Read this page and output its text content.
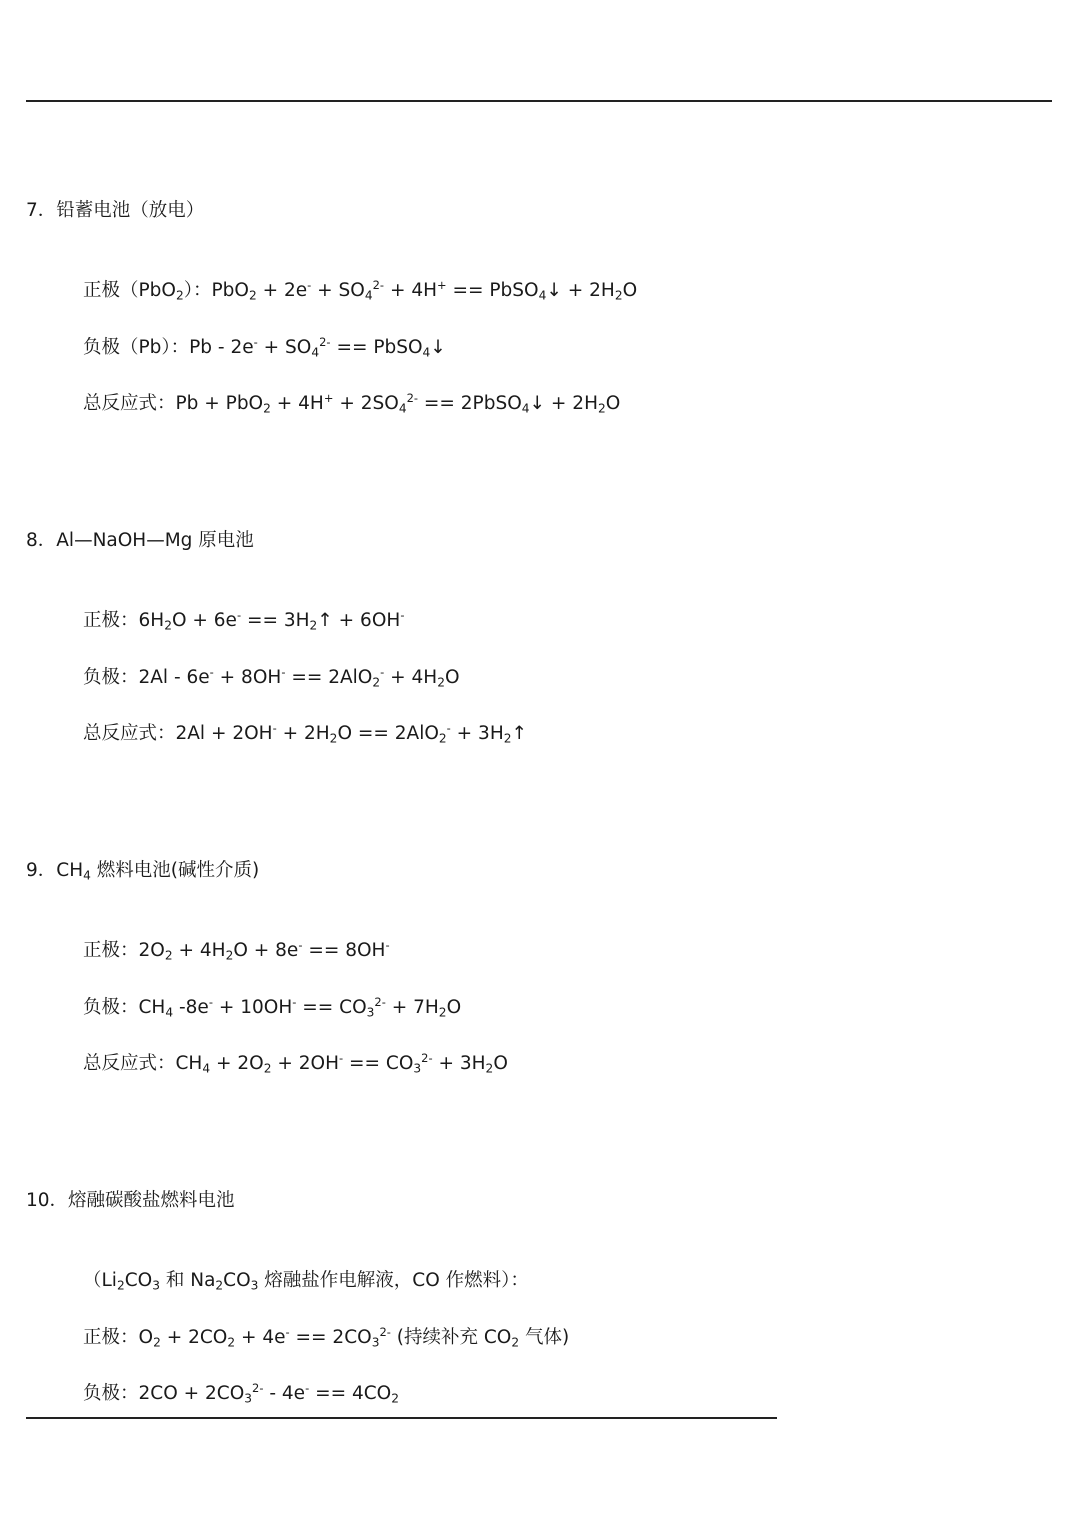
7．铅蓄电池（放电）
正极（PbO$_2$）：$PbO_2 + 2e^- + SO_4^{2-} + 4H^+$ == PbSO$_4$↓ + $2H_2O$
负极（Pb）：$Pb - 2e^- + SO_4^{2-}$ == PbSO$_4$↓
总反应式：$Pb + PbO_2 + 4H^+ + 2SO_4^{2-}$ == 2PbSO$_4$↓ + $2H_2O$
8．Al—NaOH—Mg 原电池
正极：$6H_2O + 6e^-$ == $3H_2↑ + 6OH^-$
负极：$2Al - 6e^- + 8OH^- == 2AlO_2^- + 4H_2O$
总反应式：$2Al + 2OH^- + 2H_2O == 2AlO_2^-$ + $3H_2↑$
9．$CH_4$ 燃料电池(碱性介质)
正极：$2O_2 + 4H_2O + 8e^- == 8OH^-$
负极：$CH_4$ $-8e^- + 10OH^- == CO_3^{2-} + 7H_2O$
总反应式：$CH_4 + 2O_2 + 2OH^- == CO_3^{2-} + 3H_2O$
10．熔融碳酸盐燃料电池
（$Li_2CO_3$ 和 $Na_2CO_3$ 熔融盐作电解液，CO 作燃料）：
正极：$O_2 + 2CO_2 + 4e^- == 2CO_3^{2-}$ (持续补充 $CO_2$ 气体)
负极：$2CO + 2CO_3^{2-} - 4e^- == 4CO_2$
